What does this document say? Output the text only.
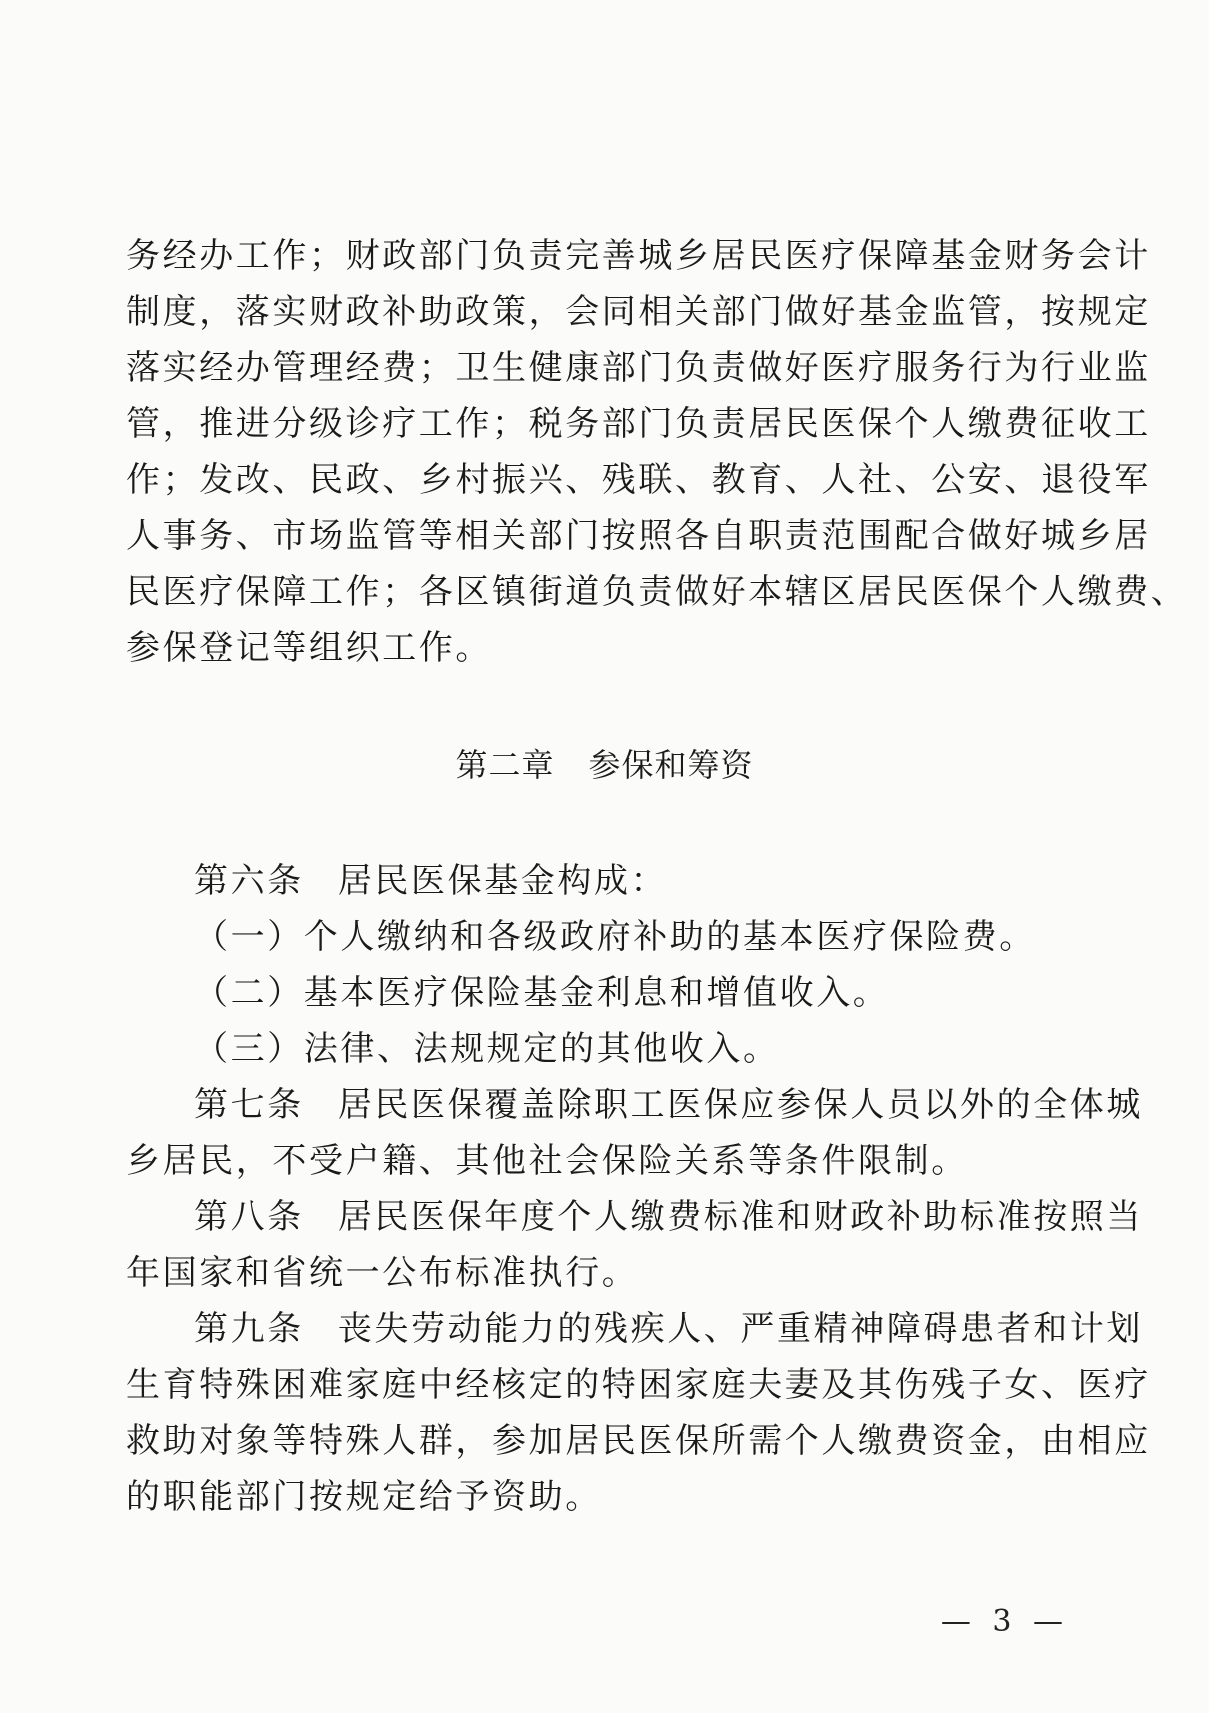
务经办工作；财政部门负责完善城乡居民医疗保障基金财务会计
制度，落实财政补助政策，会同相关部门做好基金监管，按规定
落实经办管理经费；卫生健康部门负责做好医疗服务行为行业监
管，推进分级诊疗工作；税务部门负责居民医保个人缴费征收工
作；发改、民政、乡村振兴、残联、教育、人社、公安、退役军
人事务、市场监管等相关部门按照各自职责范围配合做好城乡居
民医疗保障工作；各区镇街道负责做好本辖区居民医保个人缴费、
参保登记等组织工作。
第二章 参保和筹资
第六条 居民医保基金构成：
（一）个人缴纳和各级政府补助的基本医疗保险费。
（二）基本医疗保险基金利息和增值收入。
（三）法律、法规规定的其他收入。
第七条 居民医保覆盖除职工医保应参保人员以外的全体城
乡居民，不受户籍、其他社会保险关系等条件限制。
第八条 居民医保年度个人缴费标准和财政补助标准按照当
年国家和省统一公布标准执行。
第九条 丧失劳动能力的残疾人、严重精神障碍患者和计划
生育特殊困难家庭中经核定的特困家庭夫妻及其伤残子女、医疗
救助对象等特殊人群，参加居民医保所需个人缴费资金，由相应
的职能部门按规定给予资助。
— 3 —
